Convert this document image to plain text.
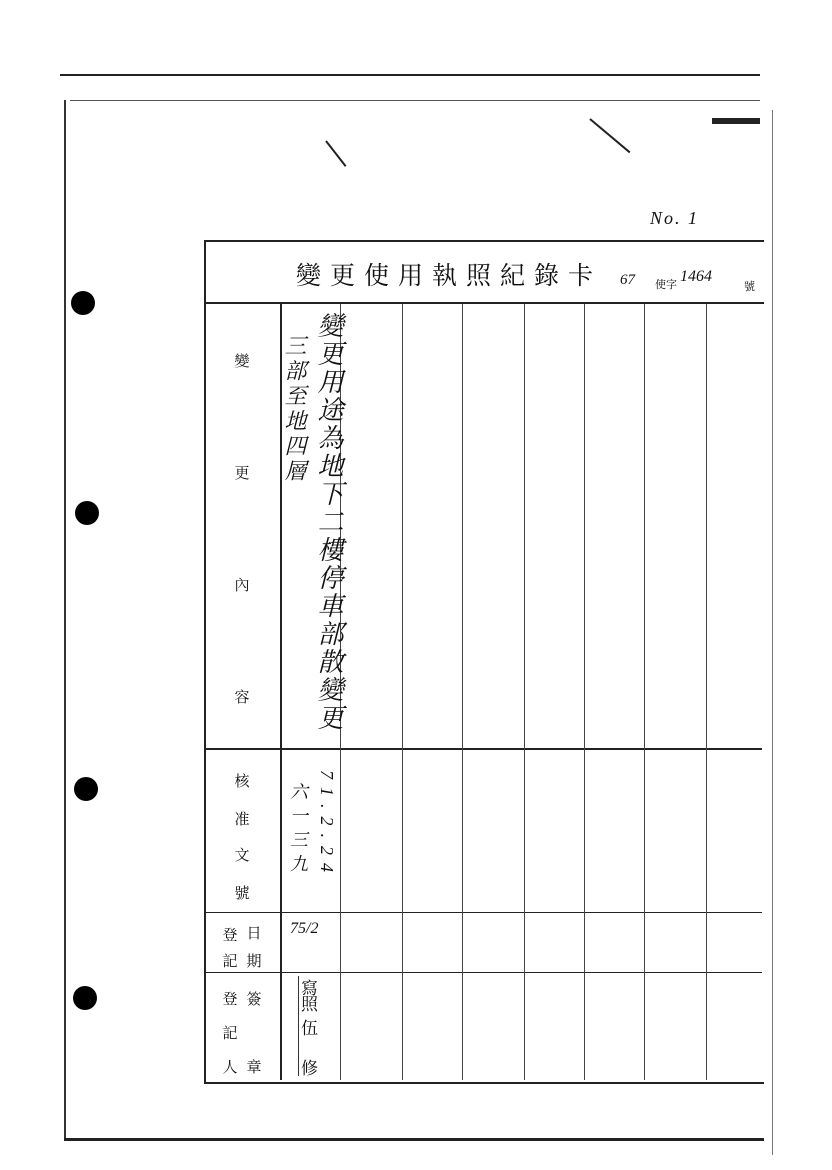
No. 1
變更使用執照紀錄卡 67 使字 1464
號
變
更
內
容
核
准
文
號
登
記
日
期
登
記
人
簽
章
變更用途為地下二樓停車部散變更
三部至地四層
71.2.24
六一三九
75/2
寫
照
伍
修
